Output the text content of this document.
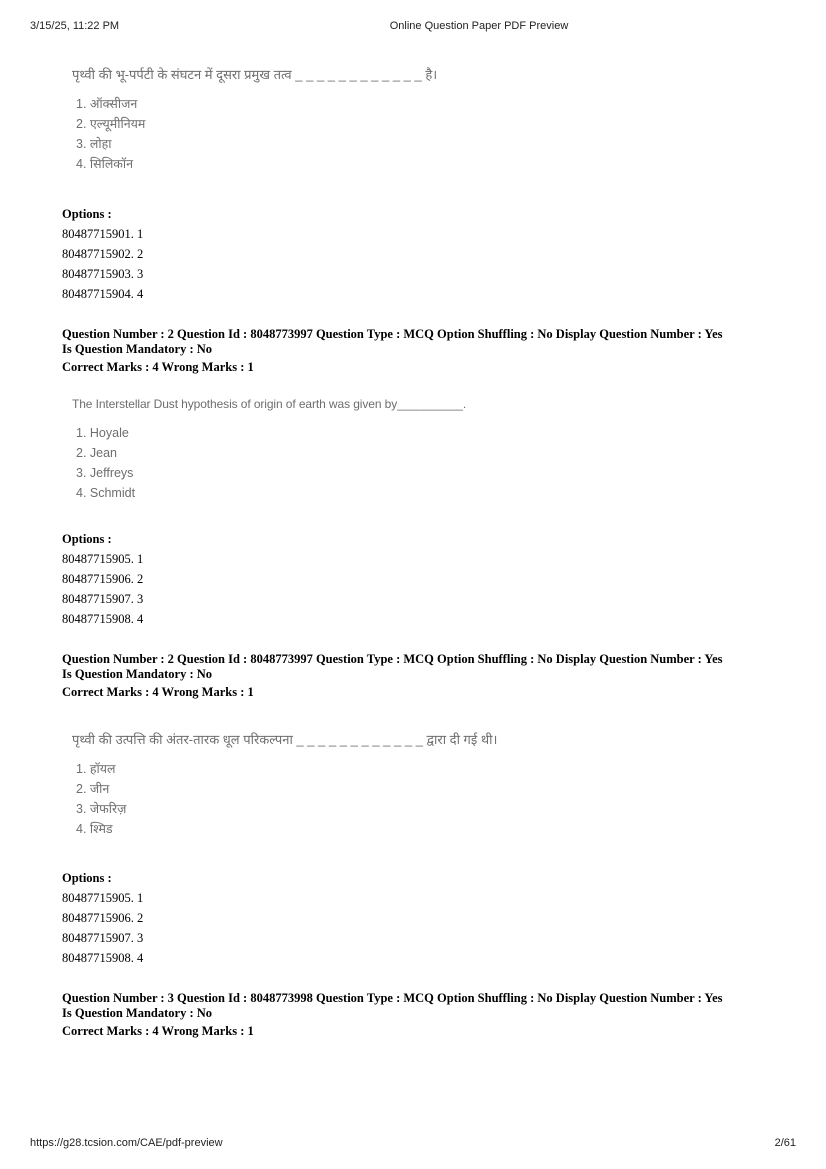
3/15/25, 11:22 PM	Online Question Paper PDF Preview
पृथ्वी की भू-पर्पटी के संघटन में दूसरा प्रमुख तत्व _ _ _ _ _ _ _ _ _ _ _ _ है।
1. ऑक्सीजन
2. एल्यूमीनियम
3. लोहा
4. सिलिकॉन
Options :
80487715901. 1
80487715902. 2
80487715903. 3
80487715904. 4
Question Number : 2 Question Id : 8048773997 Question Type : MCQ Option Shuffling : No Display Question Number : Yes
Is Question Mandatory : No
Correct Marks : 4 Wrong Marks : 1
The Interstellar Dust hypothesis of origin of earth was given by__________.
1. Hoyale
2. Jean
3. Jeffreys
4. Schmidt
Options :
80487715905. 1
80487715906. 2
80487715907. 3
80487715908. 4
Question Number : 2 Question Id : 8048773997 Question Type : MCQ Option Shuffling : No Display Question Number : Yes
Is Question Mandatory : No
Correct Marks : 4 Wrong Marks : 1
पृथ्वी की उत्पत्ति की अंतर-तारक धूल परिकल्पना _ _ _ _ _ _ _ _ _ _ _ _ द्वारा दी गई थी।
1. हॉयल
2. जीन
3. जेफरिज़
4. श्मिड
Options :
80487715905. 1
80487715906. 2
80487715907. 3
80487715908. 4
Question Number : 3 Question Id : 8048773998 Question Type : MCQ Option Shuffling : No Display Question Number : Yes
Is Question Mandatory : No
Correct Marks : 4 Wrong Marks : 1
https://g28.tcsion.com/CAE/pdf-preview	2/61
